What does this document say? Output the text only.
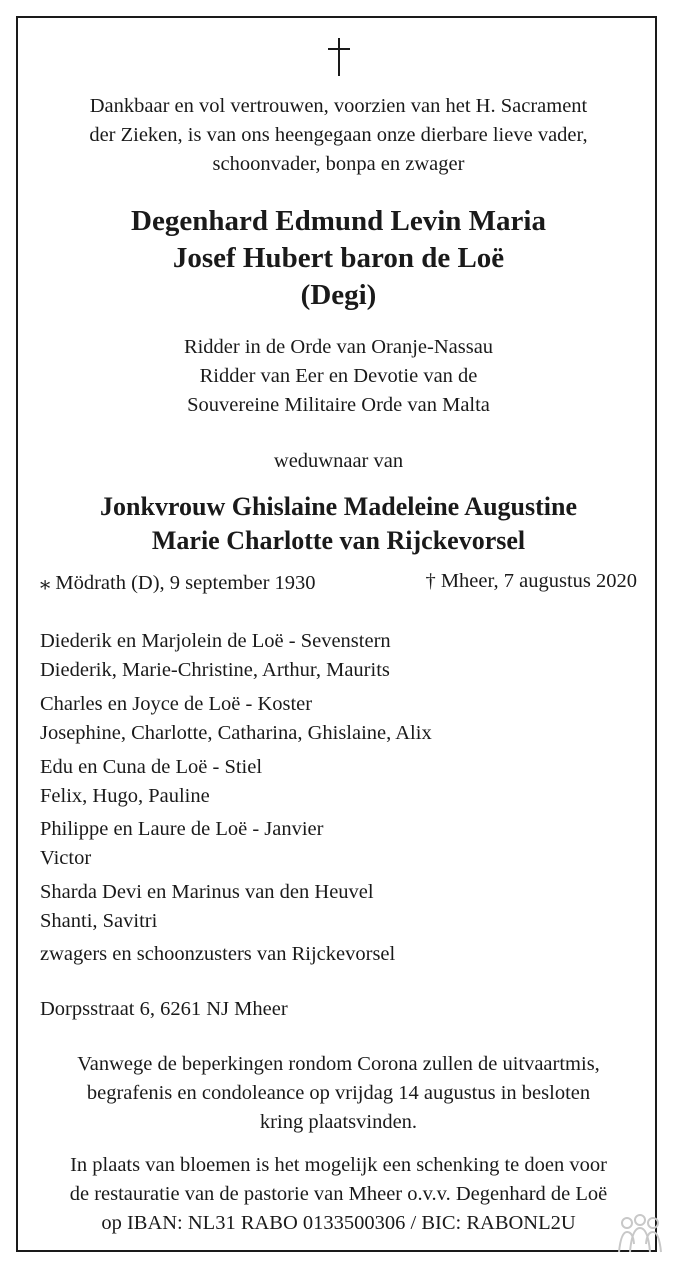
Dankbaar en vol vertrouwen, voorzien van het H. Sacrament
der Zieken, is van ons heengegaan onze dierbare lieve vader,
schoonvader, bonpa en zwager
Degenhard Edmund Levin Maria
Josef Hubert baron de Loë
(Degi)
Ridder in de Orde van Oranje-Nassau
Ridder van Eer en Devotie van de
Souvereine Militaire Orde van Malta
weduwnaar van
Jonkvrouw Ghislaine Madeleine Augustine
Marie Charlotte van Rijckevorsel
⁎ Mödrath (D), 9 september 1930	† Mheer, 7 augustus 2020
Diederik en Marjolein de Loë - Sevenstern
Diederik, Marie-Christine, Arthur, Maurits
Charles en Joyce de Loë - Koster
Josephine, Charlotte, Catharina, Ghislaine, Alix
Edu en Cuna de Loë - Stiel
Felix, Hugo, Pauline
Philippe en Laure de Loë - Janvier
Victor
Sharda Devi en Marinus van den Heuvel
Shanti, Savitri
zwagers en schoonzusters van Rijckevorsel
Dorpsstraat 6, 6261 NJ Mheer
Vanwege de beperkingen rondom Corona zullen de uitvaartmis,
begrafenis en condoleance op vrijdag 14 augustus in besloten
kring plaatsvinden.
In plaats van bloemen is het mogelijk een schenking te doen voor
de restauratie van de pastorie van Mheer o.v.v. Degenhard de Loë
op IBAN: NL31 RABO 0133500306 / BIC: RABONL2U
